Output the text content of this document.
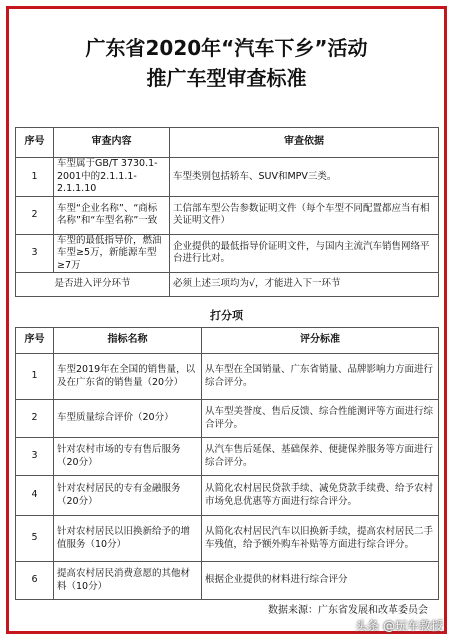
广东省2020年“汽车下乡”活动
推广车型审查标准
序号	审查内容	审查依据
1	车型属于GB/T 3730.1-2001中的2.1.1.1-2.1.1.10	车型类别包括轿车、SUV和MPV三类。
2	车型“企业名称”、“商标名称”和“车型名称”一致	工信部车型公告参数证明文件（每个车型不同配置都应当有相关证明文件）
3	车型的最低指导价，燃油车型≥5万，新能源车型≥7万	企业提供的最低指导价证明文件，与国内主流汽车销售网络平台进行比对。
是否进入评分环节		必须上述三项均为√，才能进入下一环节
打分项
序号	指标名称	评分标准
1	车型2019年在全国的销售量，以及在广东省的销售量（20分）	从车型在全国销量、广东省销量、品牌影响力方面进行综合评分。
2	车型质量综合评价（20分）	从车型美誉度、售后反馈、综合性能测评等方面进行综合评分。
3	针对农村市场的专有售后服务（20分）	从汽车售后延保、基础保养、便捷保养服务等方面进行综合评分。
4	针对农村居民的专有金融服务（20分）	从简化农村居民贷款手续、减免贷款手续费、给予农村市场免息优惠等方面进行综合评分。
5	针对农村居民以旧换新给予的增值服务（10分）	从简化农村居民汽车以旧换新手续，提高农村居民二手车残值，给予额外购车补贴等方面进行综合评分。
6	提高农村居民消费意愿的其他材料（10分）	根据企业提供的材料进行综合评分
数据来源：广东省发展和改革委员会
头条 @玩车教授
